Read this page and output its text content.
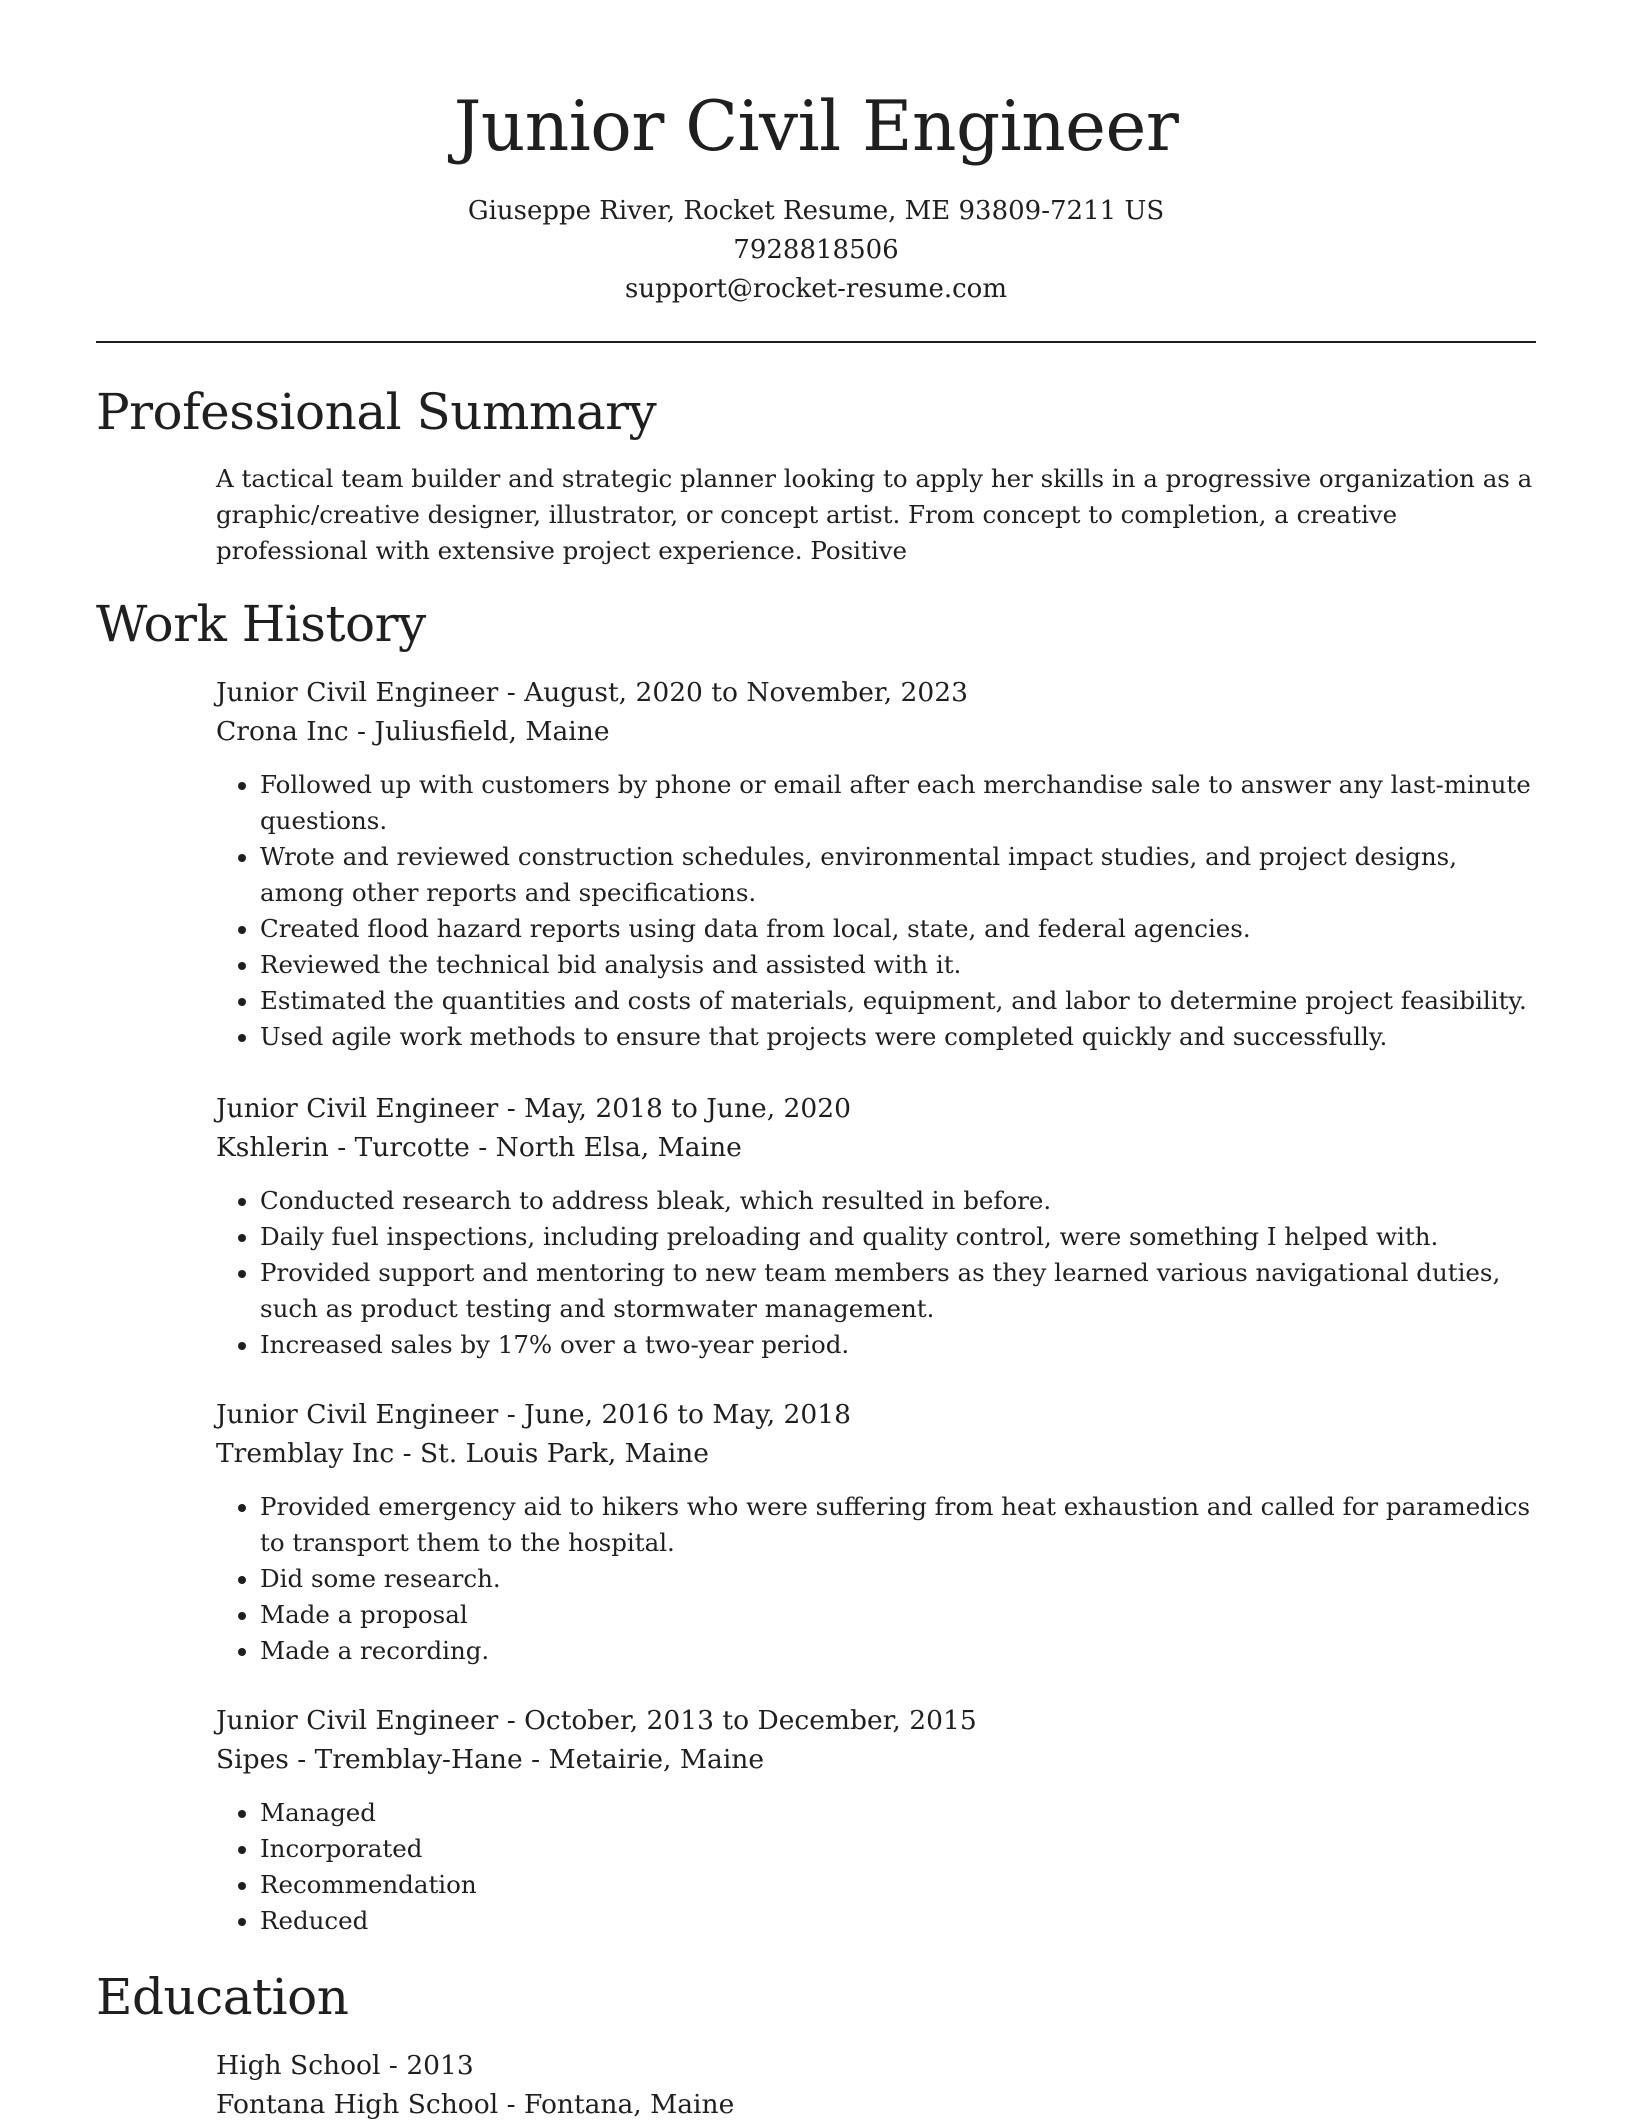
Junior Civil Engineer

Giuseppe River, Rocket Resume, ME 93809-7211 US

7928818506

support@rocket-resume.com

Professional Summary

A tactical team builder and strategic planner looking to apply her skills in a progressive organization as a graphic/creative designer, illustrator, or concept artist. From concept to completion, a creative professional with extensive project experience. Positive

Work History

Junior Civil Engineer - August, 2020 to November, 2023

Crona Inc - Juliusfield, Maine

• Followed up with customers by phone or email after each merchandise sale to answer any last-minute questions.
• Wrote and reviewed construction schedules, environmental impact studies, and project designs, among other reports and specifications.
• Created flood hazard reports using data from local, state, and federal agencies.
• Reviewed the technical bid analysis and assisted with it.
• Estimated the quantities and costs of materials, equipment, and labor to determine project feasibility.
• Used agile work methods to ensure that projects were completed quickly and successfully.

Junior Civil Engineer - May, 2018 to June, 2020

Kshlerin - Turcotte - North Elsa, Maine

• Conducted research to address bleak, which resulted in before.
• Daily fuel inspections, including preloading and quality control, were something I helped with.
• Provided support and mentoring to new team members as they learned various navigational duties, such as product testing and stormwater management.
• Increased sales by 17% over a two-year period.

Junior Civil Engineer - June, 2016 to May, 2018

Tremblay Inc - St. Louis Park, Maine

• Provided emergency aid to hikers who were suffering from heat exhaustion and called for paramedics to transport them to the hospital.
• Did some research.
• Made a proposal
• Made a recording.

Junior Civil Engineer - October, 2013 to December, 2015

Sipes - Tremblay-Hane - Metairie, Maine

• Managed
• Incorporated
• Recommendation
• Reduced
Education

High School - 2013

Fontana High School - Fontana, Maine
